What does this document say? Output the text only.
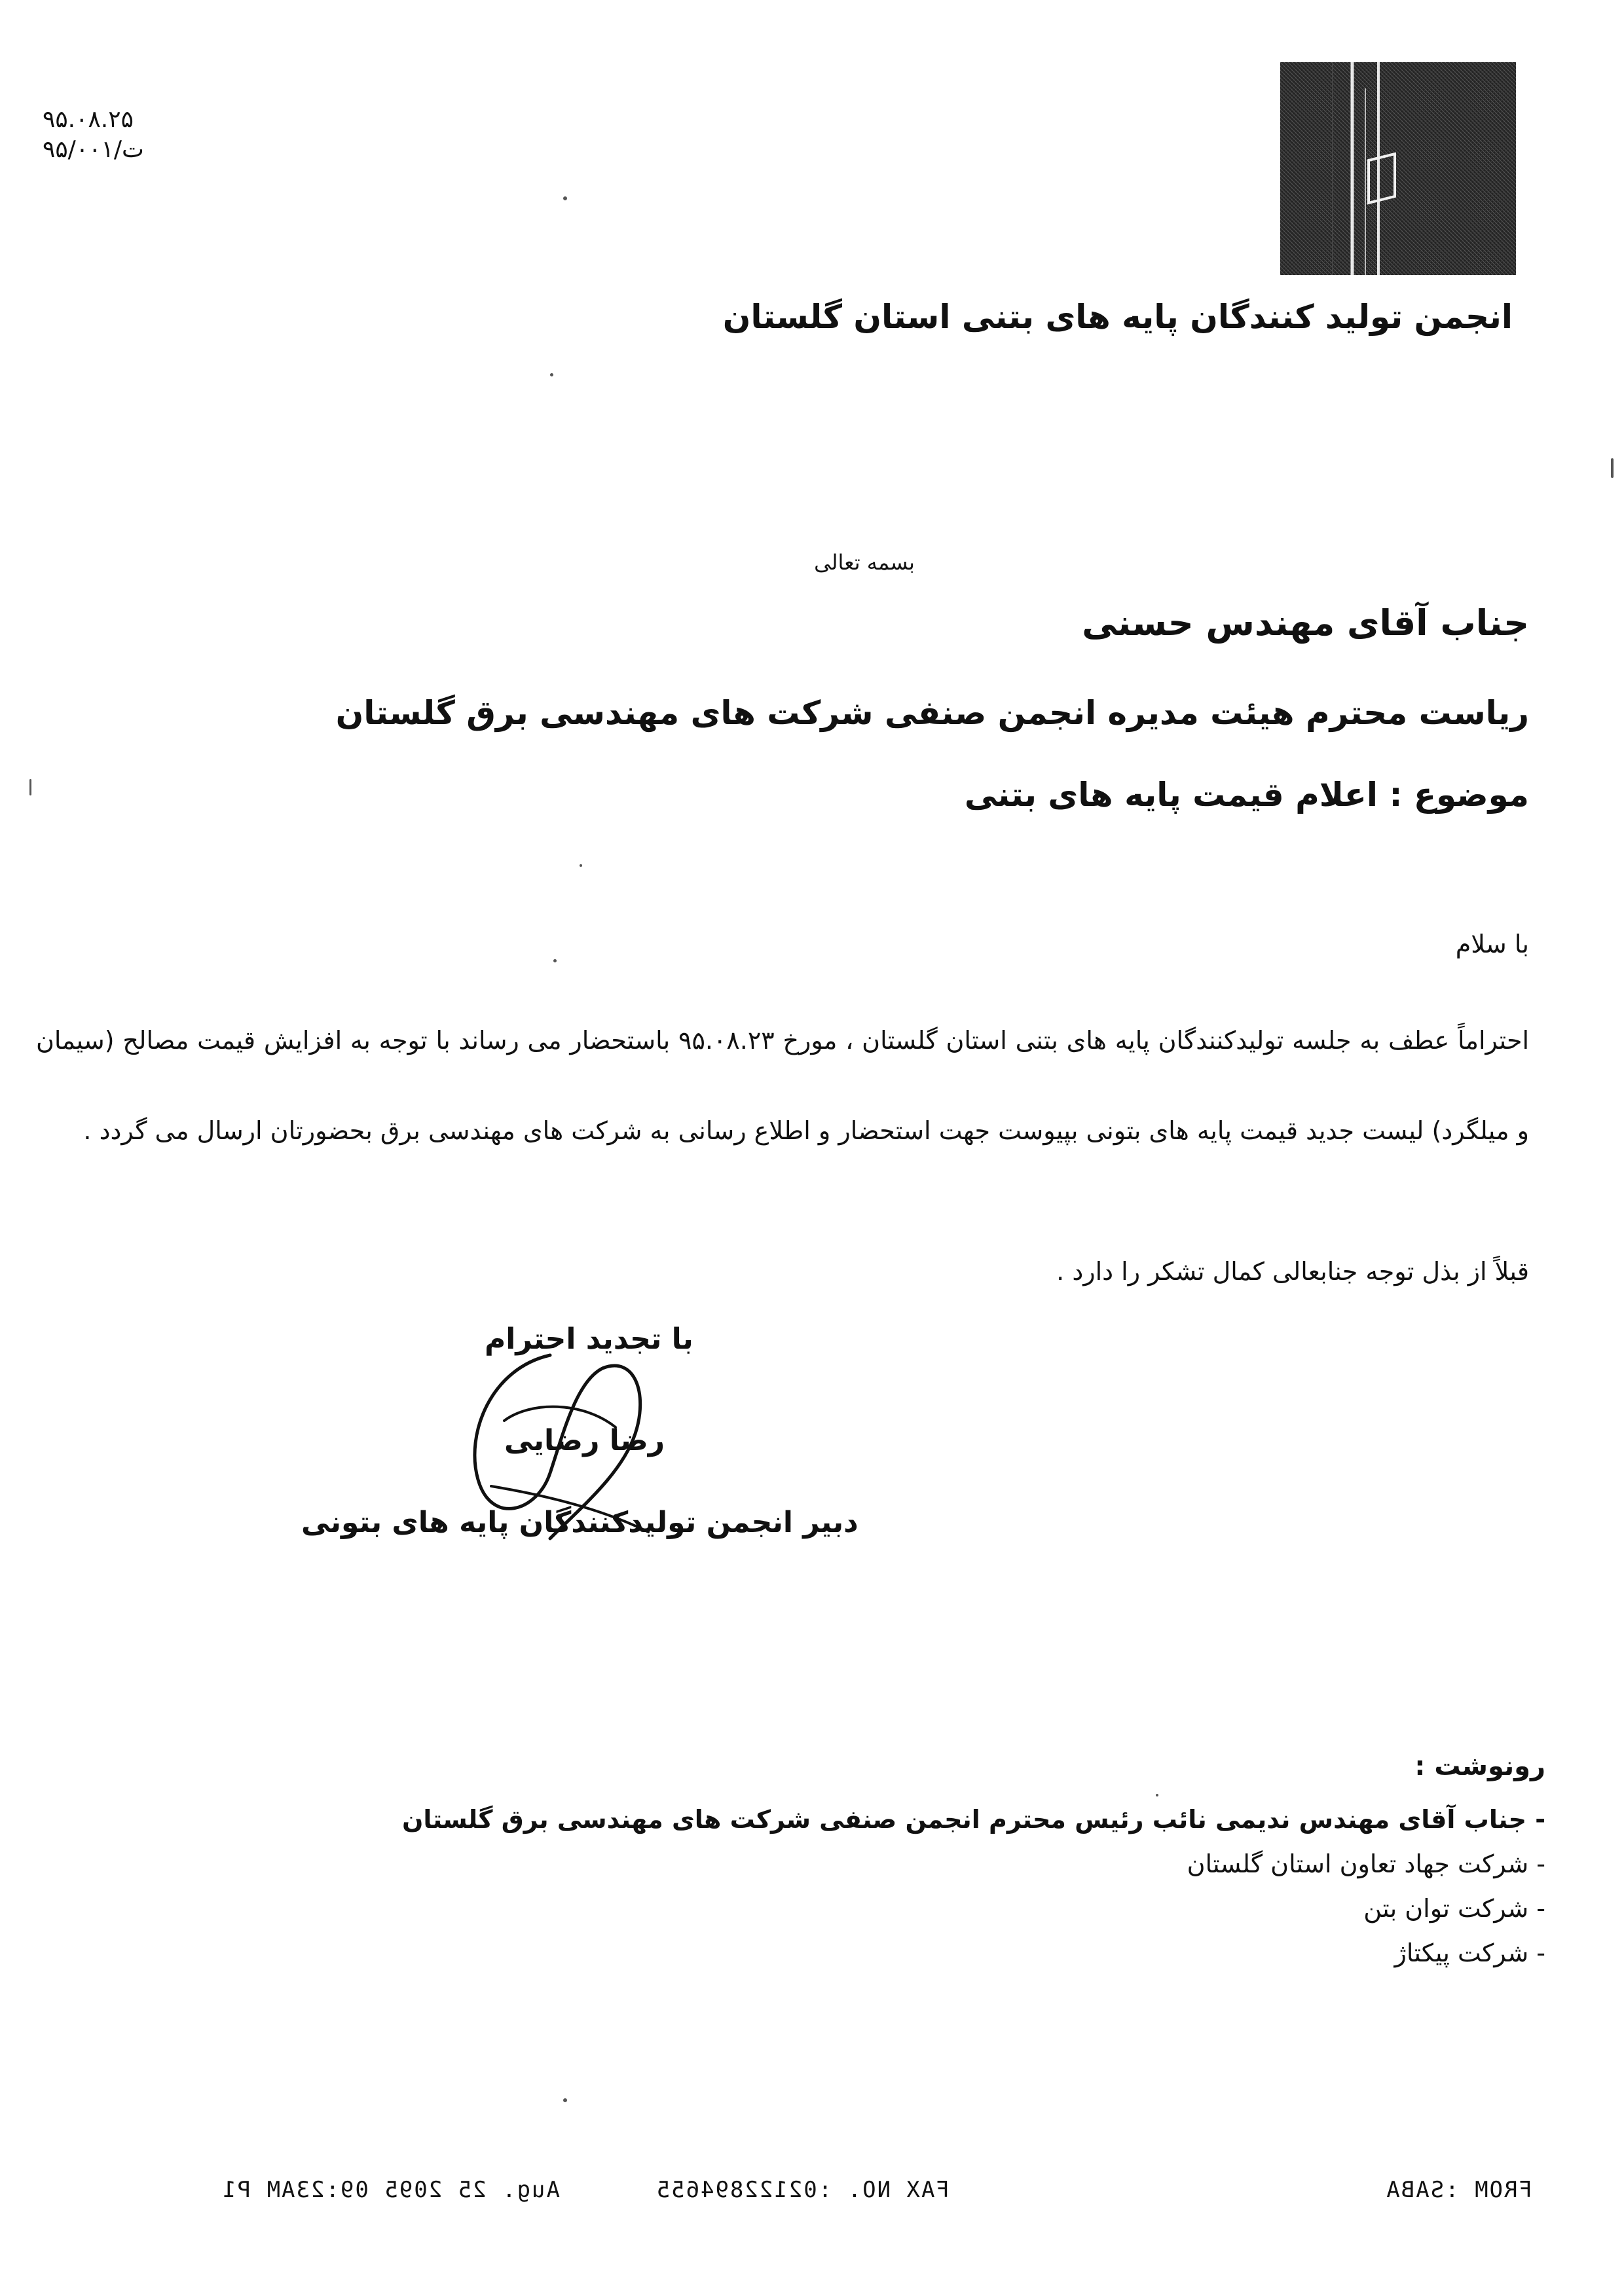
انجمن تولید کنندگان پایه های بتنی استان گلستان
۹۵.۰۸.۲۵
ت/۹۵/۰۰۱
بسمه تعالی
جناب آقای مهندس حسنی
ریاست محترم هیئت مدیره انجمن صنفی شرکت های مهندسی برق گلستان
موضوع : اعلام قیمت پایه های بتنی
با سلام
احتراماً عطف به جلسه تولیدکنندگان پایه های بتنی استان گلستان ، مورخ ۹۵.۰۸.۲۳ باستحضار می رساند با توجه به افزایش قیمت مصالح (سیمان و میلگرد) لیست جدید قیمت پایه های بتونی بپیوست جهت استحضار و اطلاع رسانی به شرکت های مهندسی برق بحضورتان ارسال می گردد .
قبلاً از بذل توجه جنابعالی کمال تشکر را دارد .
با تجدید احترام
رضا رضایی
دبیر انجمن تولیدکنندگان پایه های بتونی
رونوشت :
- جناب آقای مهندس ندیمی نائب رئیس محترم انجمن صنفی شرکت های مهندسی برق گلستان
- شرکت جهاد تعاون استان گلستان
- شرکت توان بتن
- شرکت پیکتاژ
FROM :SABA
FAX NO. :02122894655
Aug. 25 2095 09:23AM P1
